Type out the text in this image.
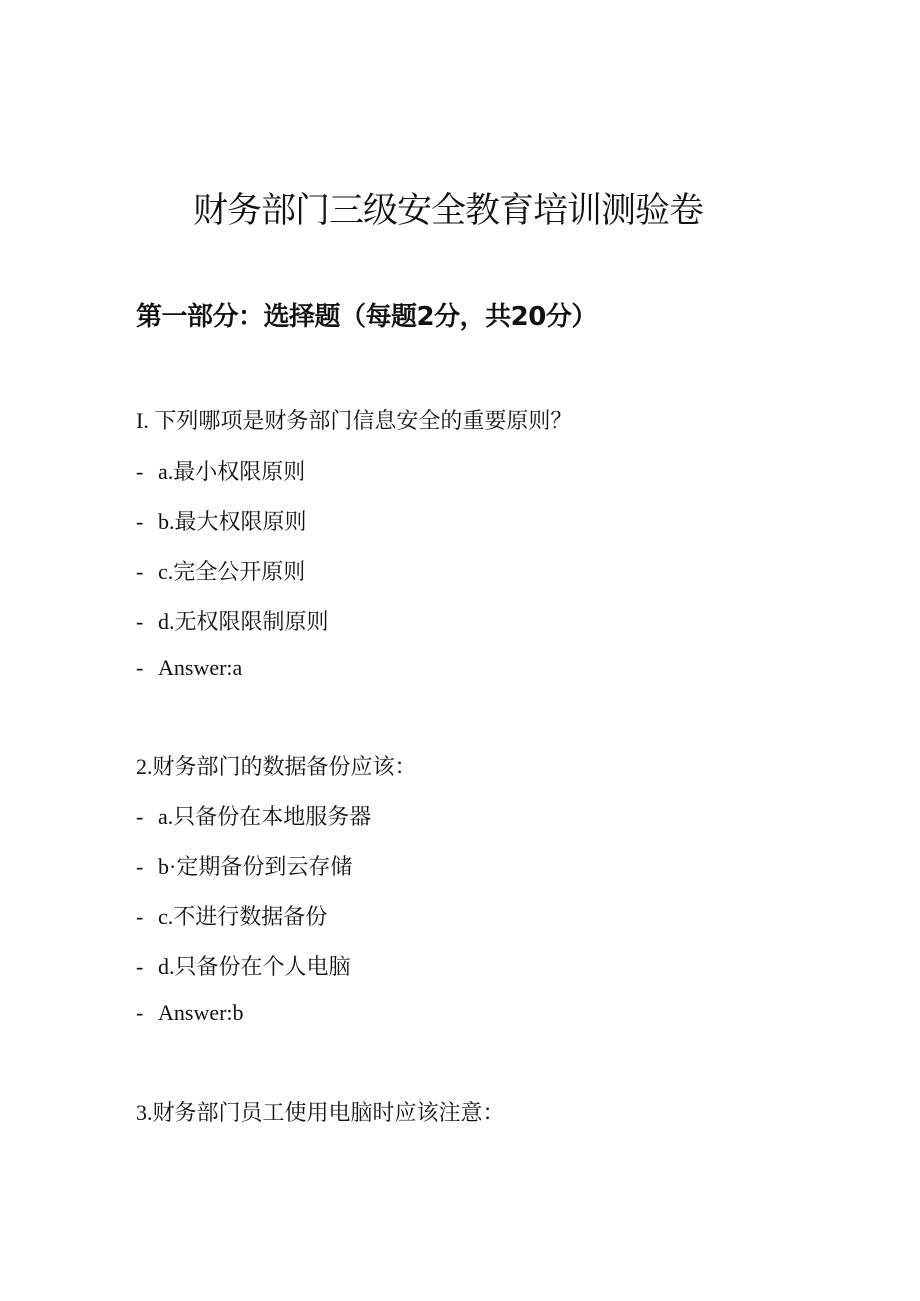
财务部门三级安全教育培训测验卷
第一部分：选择题（每题2分，共20分）
I. 下列哪项是财务部门信息安全的重要原则？
- a.最小权限原则
- b.最大权限原则
- c.完全公开原则
- d.无权限限制原则
- Answer:a
2.财务部门的数据备份应该：
- a.只备份在本地服务器
- b·定期备份到云存储
- c.不进行数据备份
- d.只备份在个人电脑
- Answer:b
3.财务部门员工使用电脑时应该注意：
